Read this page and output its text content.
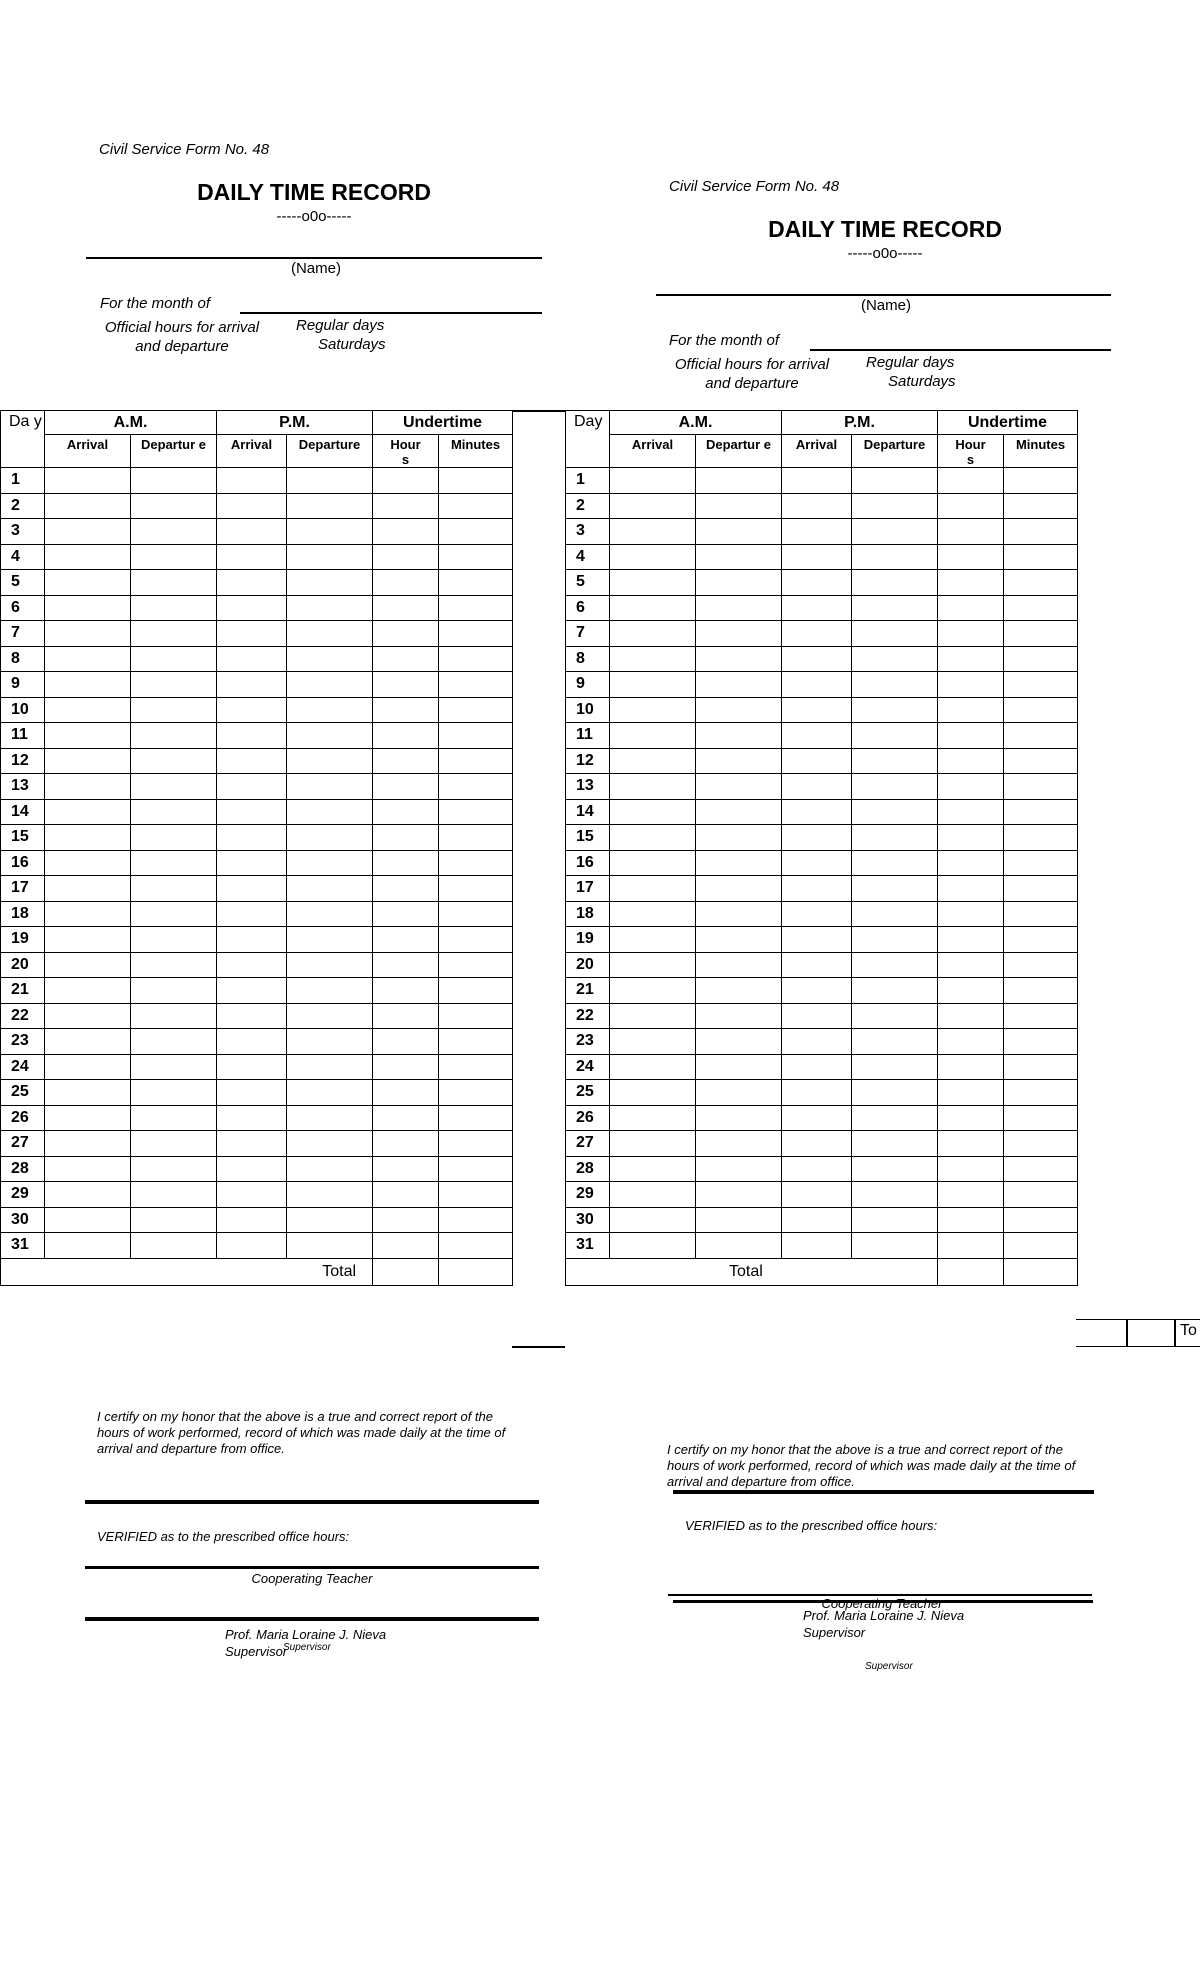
Civil Service Form No. 48
DAILY TIME RECORD
-----o0o-----
(Name)
For the month of
Official hours for arrival
and departure
Regular days
Saturdays
Civil Service Form No. 48
DAILY TIME RECORD
-----o0o-----
(Name)
For the month of
Official hours for arrival
and departure
Regular days
Saturdays
Da y	A.M.		P.M.		Undertime	
	Arrival	Departur e	Arrival	Departure	Hour s	Minutes
1						
2						
3						
4						
5						
6						
7						
8						
9						
10						
11						
12						
13						
14						
15						
16						
17						
18						
19						
20						
21						
22						
23						
24						
25						
26						
27						
28						
29						
30						
31						
Total						
Day	A.M.		P.M.		Undertime	
	Arrival	Departur e	Arrival	Departure	Hour s	Minutes
1						
2						
3						
4						
5						
6						
7						
8						
9						
10						
11						
12						
13						
14						
15						
16						
17						
18						
19						
20						
21						
22						
23						
24						
25						
26						
27						
28						
29						
30						
31						
Total						
To
I certify on my honor that the above is a true and correct report of the hours of work performed, record of which was made daily at the time of arrival and departure from office.
VERIFIED as to the prescribed office hours:
Cooperating Teacher
Prof. Maria Loraine J. Nieva
Supervisor
Supervisor
I certify on my honor that the above is a true and correct report of the hours of work performed, record of which was made daily at the time of arrival and departure from office.
VERIFIED as to the prescribed office hours:
Cooperating Teacher
Prof. Maria Loraine J. Nieva
Supervisor
Supervisor
